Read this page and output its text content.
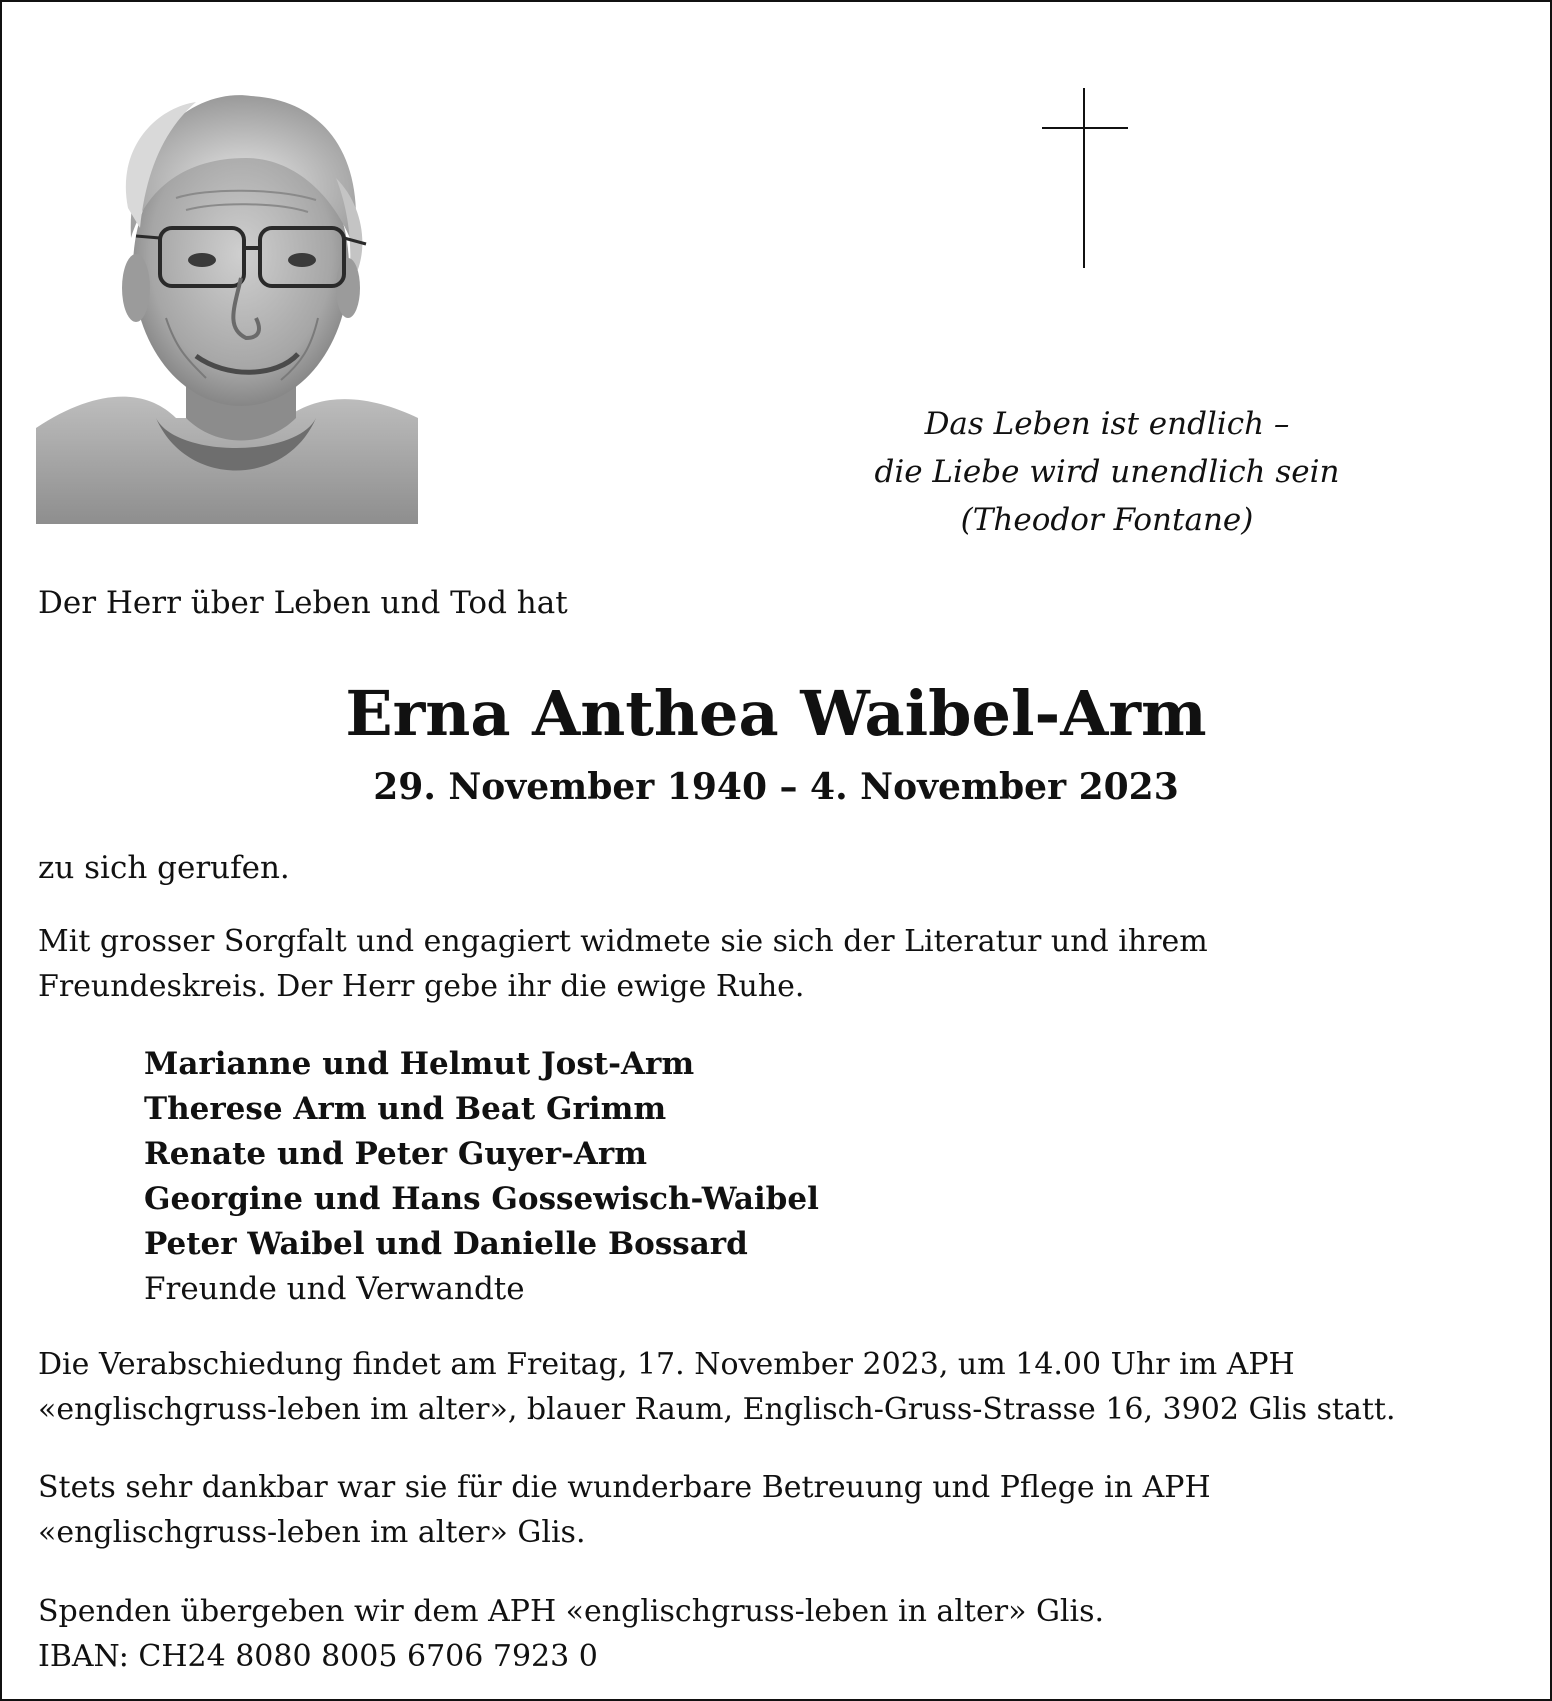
Das Leben ist endlich –
die Liebe wird unendlich sein
(Theodor Fontane)
Der Herr über Leben und Tod hat
Erna Anthea Waibel-Arm
29. November 1940 – 4. November 2023
zu sich gerufen.
Mit grosser Sorgfalt und engagiert widmete sie sich der Literatur und ihrem
Freundeskreis. Der Herr gebe ihr die ewige Ruhe.
Marianne und Helmut Jost-Arm
Therese Arm und Beat Grimm
Renate und Peter Guyer-Arm
Georgine und Hans Gossewisch-Waibel
Peter Waibel und Danielle Bossard
Freunde und Verwandte
Die Verabschiedung findet am Freitag, 17. November 2023, um 14.00 Uhr im APH
«englischgruss-leben im alter», blauer Raum, Englisch-Gruss-Strasse 16, 3902 Glis statt.
Stets sehr dankbar war sie für die wunderbare Betreuung und Pflege in APH
«englischgruss-leben im alter» Glis.
Spenden übergeben wir dem APH «englischgruss-leben in alter» Glis.
IBAN: CH24 8080 8005 6706 7923 0
